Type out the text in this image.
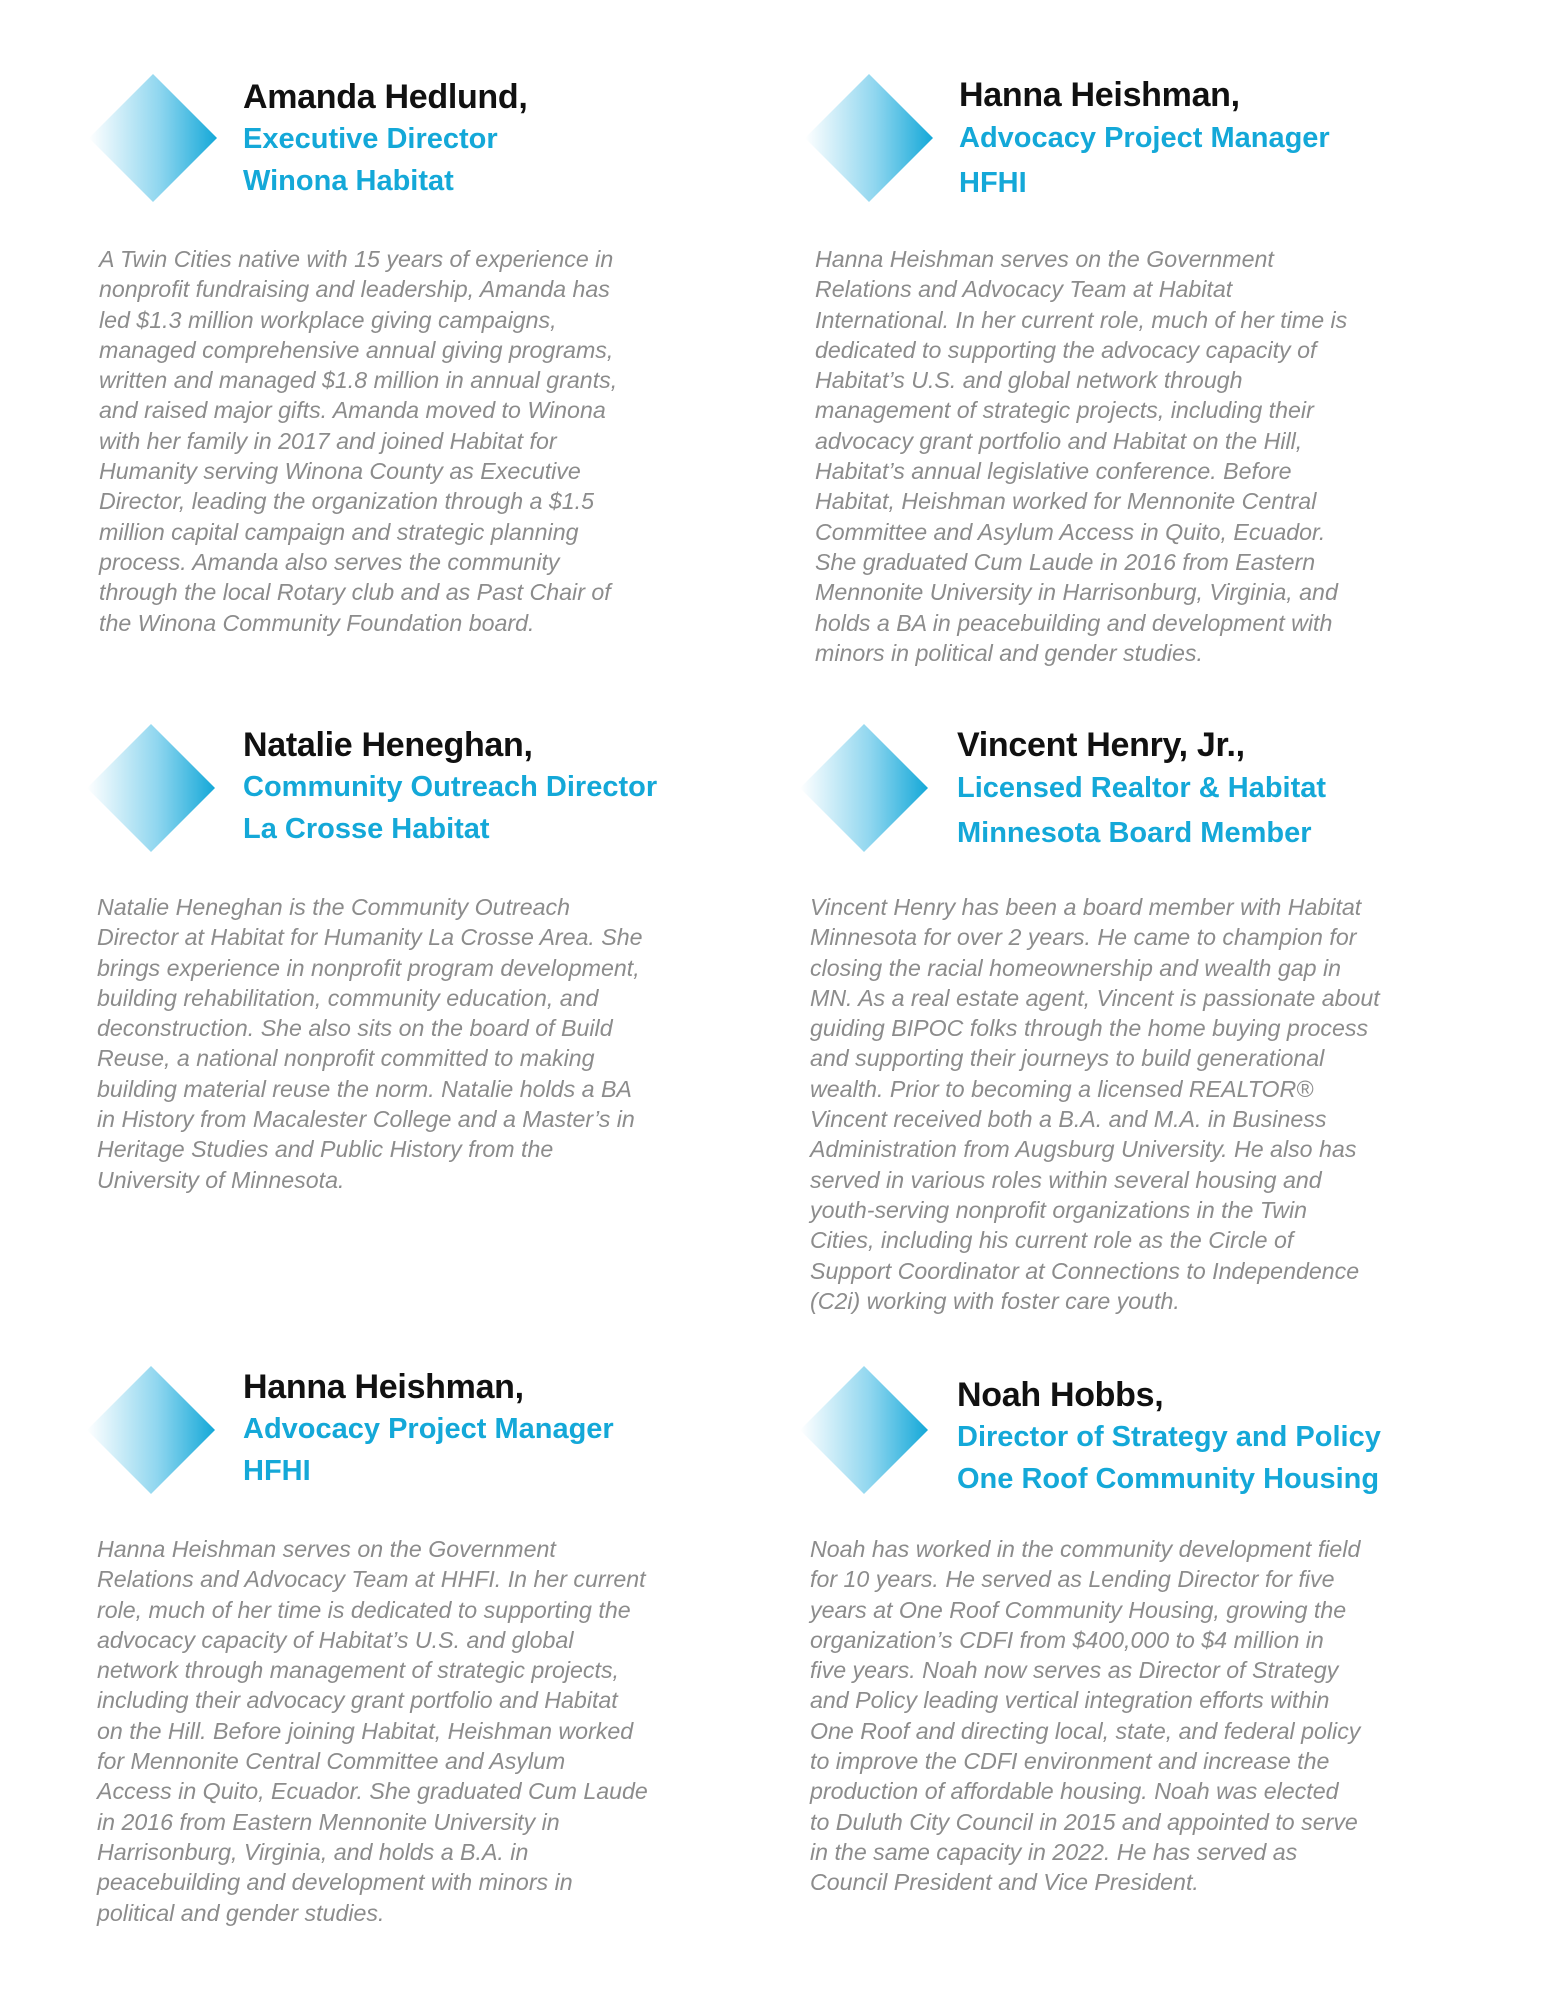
Amanda Hedlund,
Executive Director
Winona Habitat

A Twin Cities native with 15 years of experience in
nonprofit fundraising and leadership, Amanda has
led $1.3 million workplace giving campaigns,
managed comprehensive annual giving programs,
written and managed $1.8 million in annual grants,
and raised major gifts. Amanda moved to Winona
with her family in 2017 and joined Habitat for
Humanity serving Winona County as Executive
Director, leading the organization through a $1.5
million capital campaign and strategic planning
process. Amanda also serves the community
through the local Rotary club and as Past Chair of
the Winona Community Foundation board.

Hanna Heishman,
Advocacy Project Manager
HFHI

Hanna Heishman serves on the Government
Relations and Advocacy Team at Habitat
International. In her current role, much of her time is
dedicated to supporting the advocacy capacity of
Habitat’s U.S. and global network through
management of strategic projects, including their
advocacy grant portfolio and Habitat on the Hill,
Habitat’s annual legislative conference. Before
Habitat, Heishman worked for Mennonite Central
Committee and Asylum Access in Quito, Ecuador.
She graduated Cum Laude in 2016 from Eastern
Mennonite University in Harrisonburg, Virginia, and
holds a BA in peacebuilding and development with
minors in political and gender studies.

Natalie Heneghan,
Community Outreach Director
La Crosse Habitat

Natalie Heneghan is the Community Outreach
Director at Habitat for Humanity La Crosse Area. She
brings experience in nonprofit program development,
building rehabilitation, community education, and
deconstruction. She also sits on the board of Build
Reuse, a national nonprofit committed to making
building material reuse the norm. Natalie holds a BA
in History from Macalester College and a Master’s in
Heritage Studies and Public History from the
University of Minnesota.

Vincent Henry, Jr.,
Licensed Realtor & Habitat
Minnesota Board Member

Vincent Henry has been a board member with Habitat
Minnesota for over 2 years. He came to champion for
closing the racial homeownership and wealth gap in
MN. As a real estate agent, Vincent is passionate about
guiding BIPOC folks through the home buying process
and supporting their journeys to build generational
wealth. Prior to becoming a licensed REALTOR®
Vincent received both a B.A. and M.A. in Business
Administration from Augsburg University. He also has
served in various roles within several housing and
youth-serving nonprofit organizations in the Twin
Cities, including his current role as the Circle of
Support Coordinator at Connections to Independence
(C2i) working with foster care youth.

Hanna Heishman,
Advocacy Project Manager
HFHI

Hanna Heishman serves on the Government
Relations and Advocacy Team at HHFI. In her current
role, much of her time is dedicated to supporting the
advocacy capacity of Habitat’s U.S. and global
network through management of strategic projects,
including their advocacy grant portfolio and Habitat
on the Hill. Before joining Habitat, Heishman worked
for Mennonite Central Committee and Asylum
Access in Quito, Ecuador. She graduated Cum Laude
in 2016 from Eastern Mennonite University in
Harrisonburg, Virginia, and holds a B.A. in
peacebuilding and development with minors in
political and gender studies.

Noah Hobbs,
Director of Strategy and Policy
One Roof Community Housing

Noah has worked in the community development field
for 10 years. He served as Lending Director for five
years at One Roof Community Housing, growing the
organization’s CDFI from $400,000 to $4 million in
five years. Noah now serves as Director of Strategy
and Policy leading vertical integration efforts within
One Roof and directing local, state, and federal policy
to improve the CDFI environment and increase the
production of affordable housing. Noah was elected
to Duluth City Council in 2015 and appointed to serve
in the same capacity in 2022. He has served as
Council President and Vice President.
